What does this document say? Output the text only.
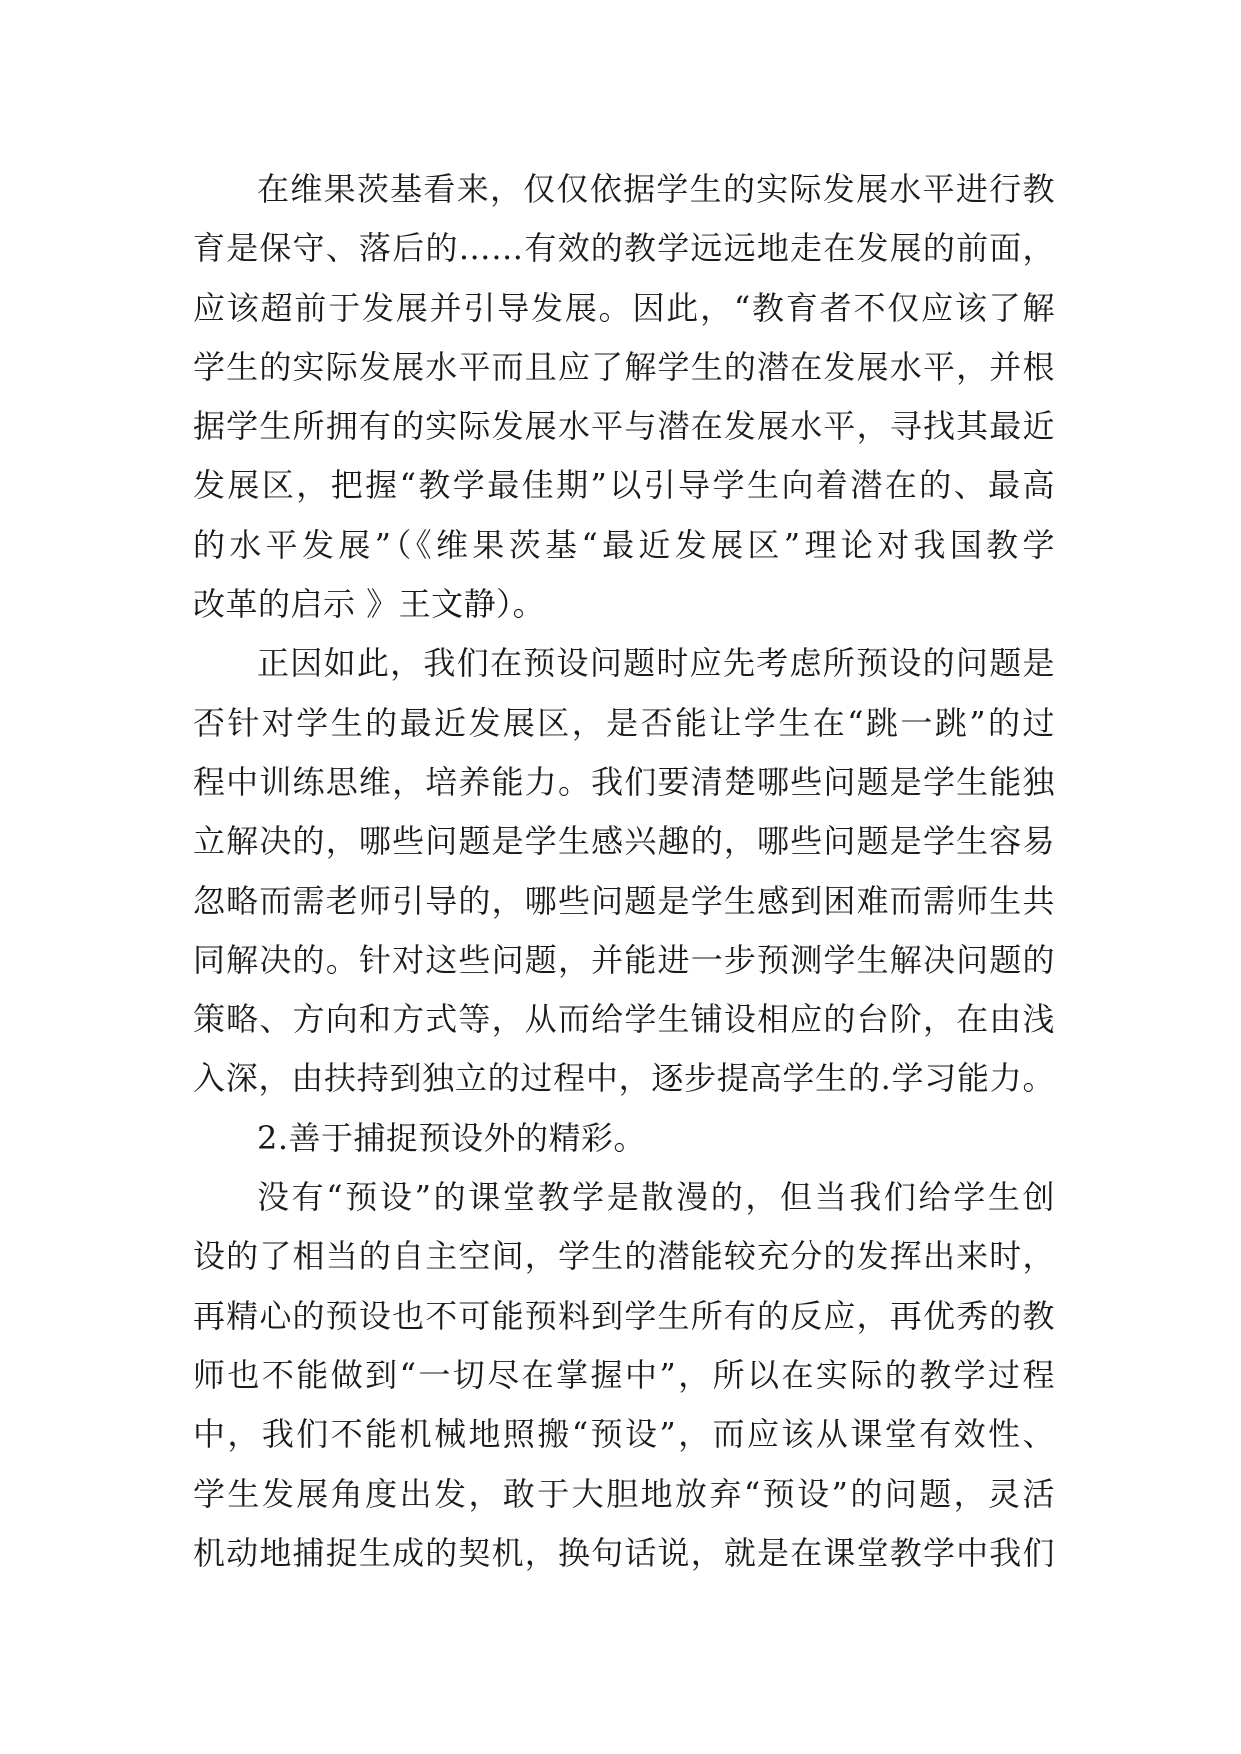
在维果茨基看来，仅仅依据学生的实际发展水平进行教
育是保守、落后的……有效的教学远远地走在发展的前面，
应该超前于发展并引导发展。因此，“教育者不仅应该了解
学生的实际发展水平而且应了解学生的潜在发展水平，并根
据学生所拥有的实际发展水平与潜在发展水平，寻找其最近
发展区，把握“教学最佳期”以引导学生向着潜在的、最高
的水平发展”（《维果茨基“最近发展区”理论对我国教学
改革的启示 》王文静）。
正因如此，我们在预设问题时应先考虑所预设的问题是
否针对学生的最近发展区，是否能让学生在“跳一跳”的过
程中训练思维，培养能力。我们要清楚哪些问题是学生能独
立解决的，哪些问题是学生感兴趣的，哪些问题是学生容易
忽略而需老师引导的，哪些问题是学生感到困难而需师生共
同解决的。针对这些问题，并能进一步预测学生解决问题的
策略、方向和方式等，从而给学生铺设相应的台阶，在由浅
入深，由扶持到独立的过程中，逐步提高学生的.学习能力。
2.善于捕捉预设外的精彩。
没有“预设”的课堂教学是散漫的，但当我们给学生创
设的了相当的自主空间，学生的潜能较充分的发挥出来时，
再精心的预设也不可能预料到学生所有的反应，再优秀的教
师也不能做到“一切尽在掌握中”，所以在实际的教学过程
中，我们不能机械地照搬“预设”，而应该从课堂有效性、
学生发展角度出发，敢于大胆地放弃“预设”的问题，灵活
机动地捕捉生成的契机，换句话说，就是在课堂教学中我们
